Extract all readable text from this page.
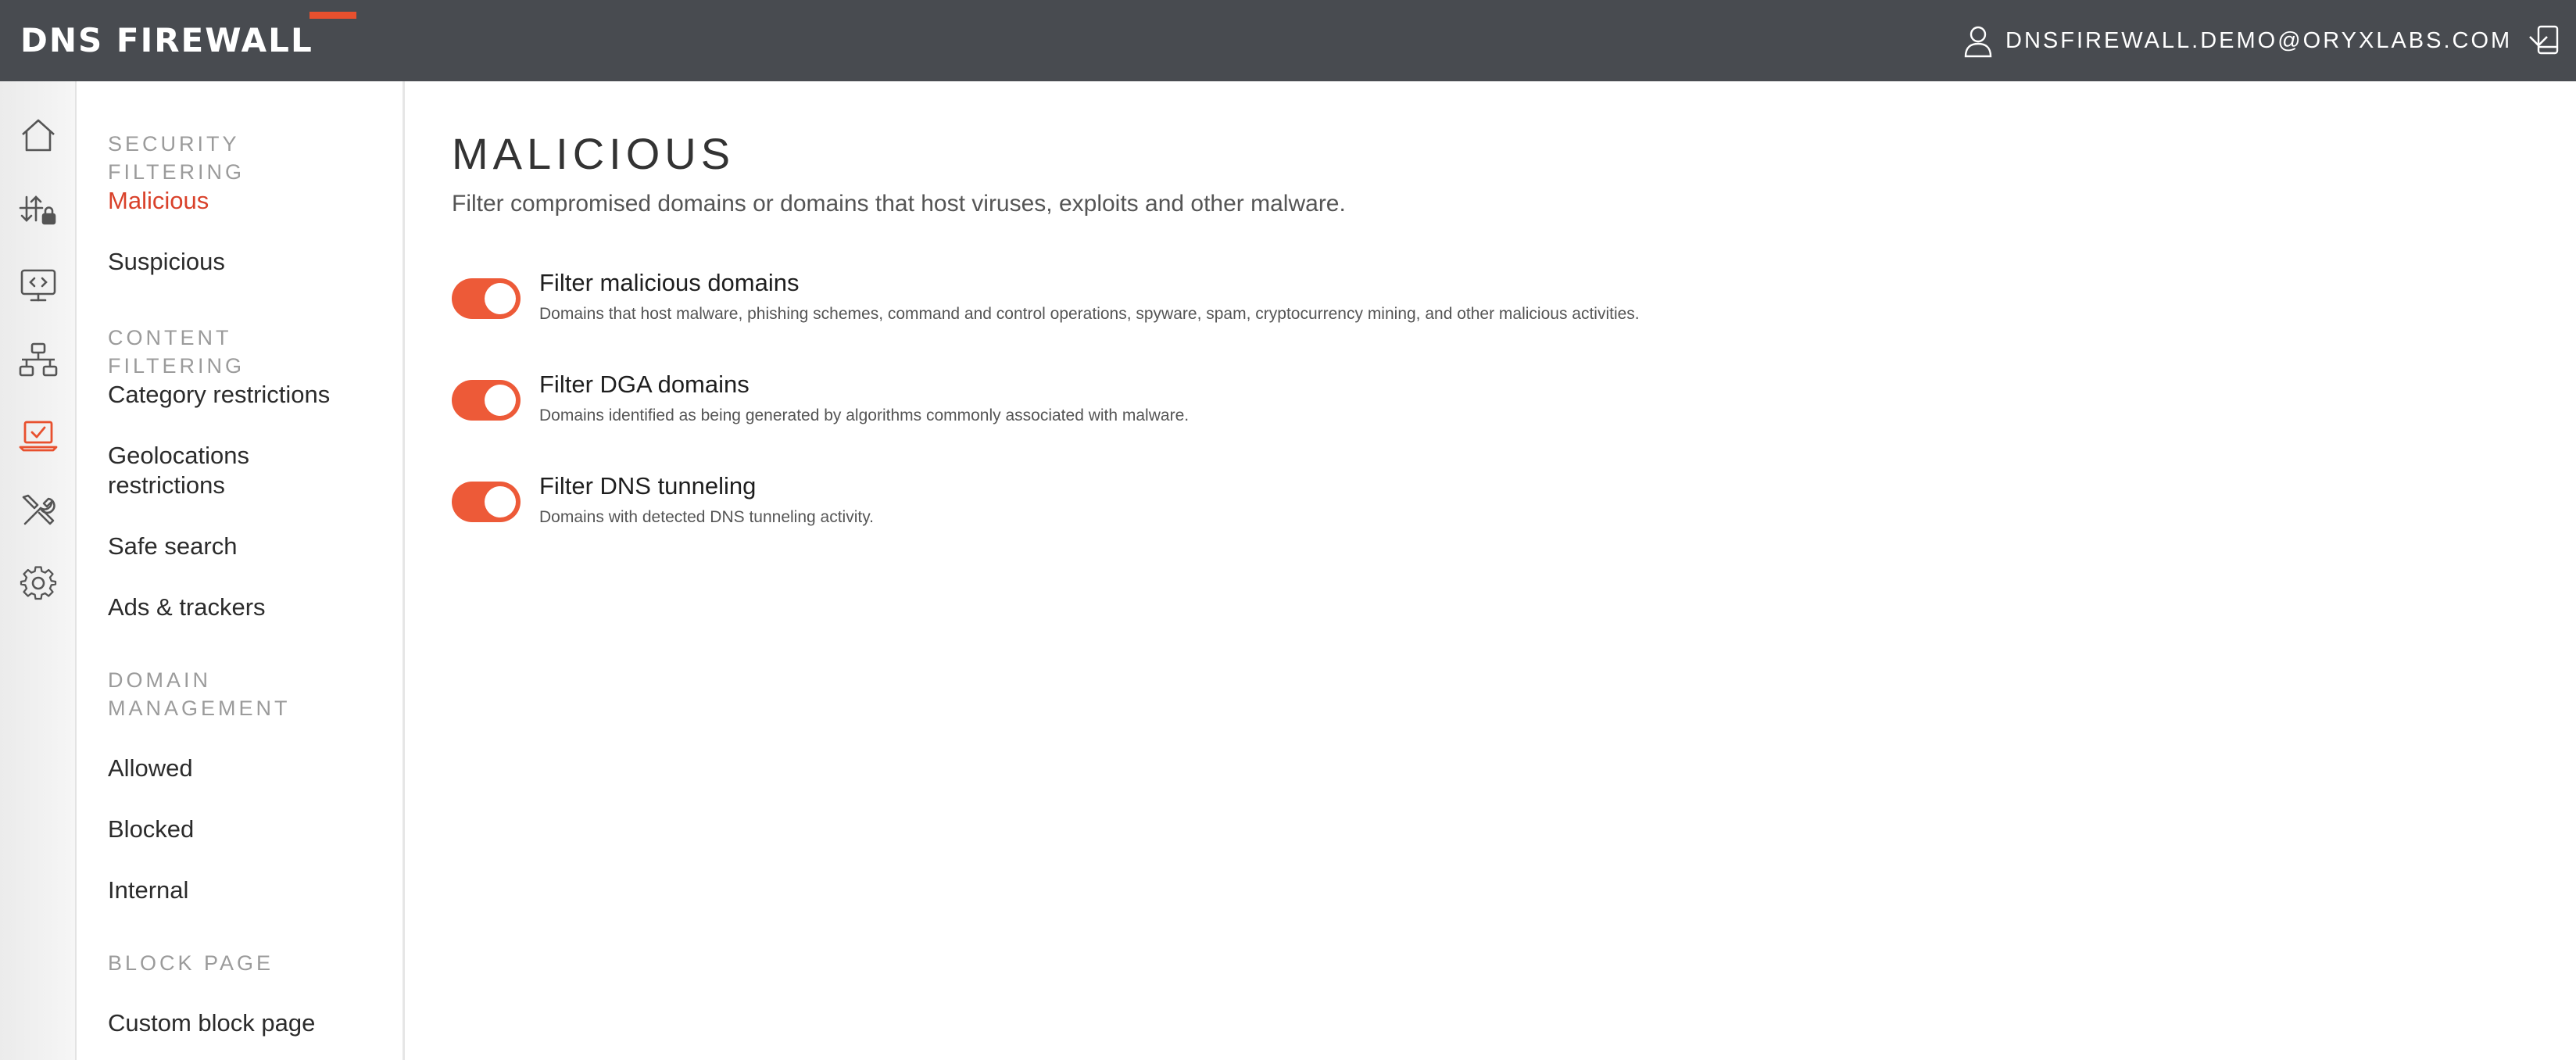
DNS FIREWALL	DNSFIREWALL.DEMO@ORYXLABS.COM
SECURITY FILTERING
Malicious
Suspicious
CONTENT FILTERING
Category restrictions
Geolocations restrictions
Safe search
Ads & trackers
DOMAIN MANAGEMENT
Allowed
Blocked
Internal
BLOCK PAGE
Custom block page
MALICIOUS

Filter compromised domains or domains that host viruses, exploits and other malware.

Filter malicious domains
Domains that host malware, phishing schemes, command and control operations, spyware, spam, cryptocurrency mining, and other malicious activities.
Filter DGA domains
Domains identified as being generated by algorithms commonly associated with malware.
Filter DNS tunneling
Domains with detected DNS tunneling activity.
